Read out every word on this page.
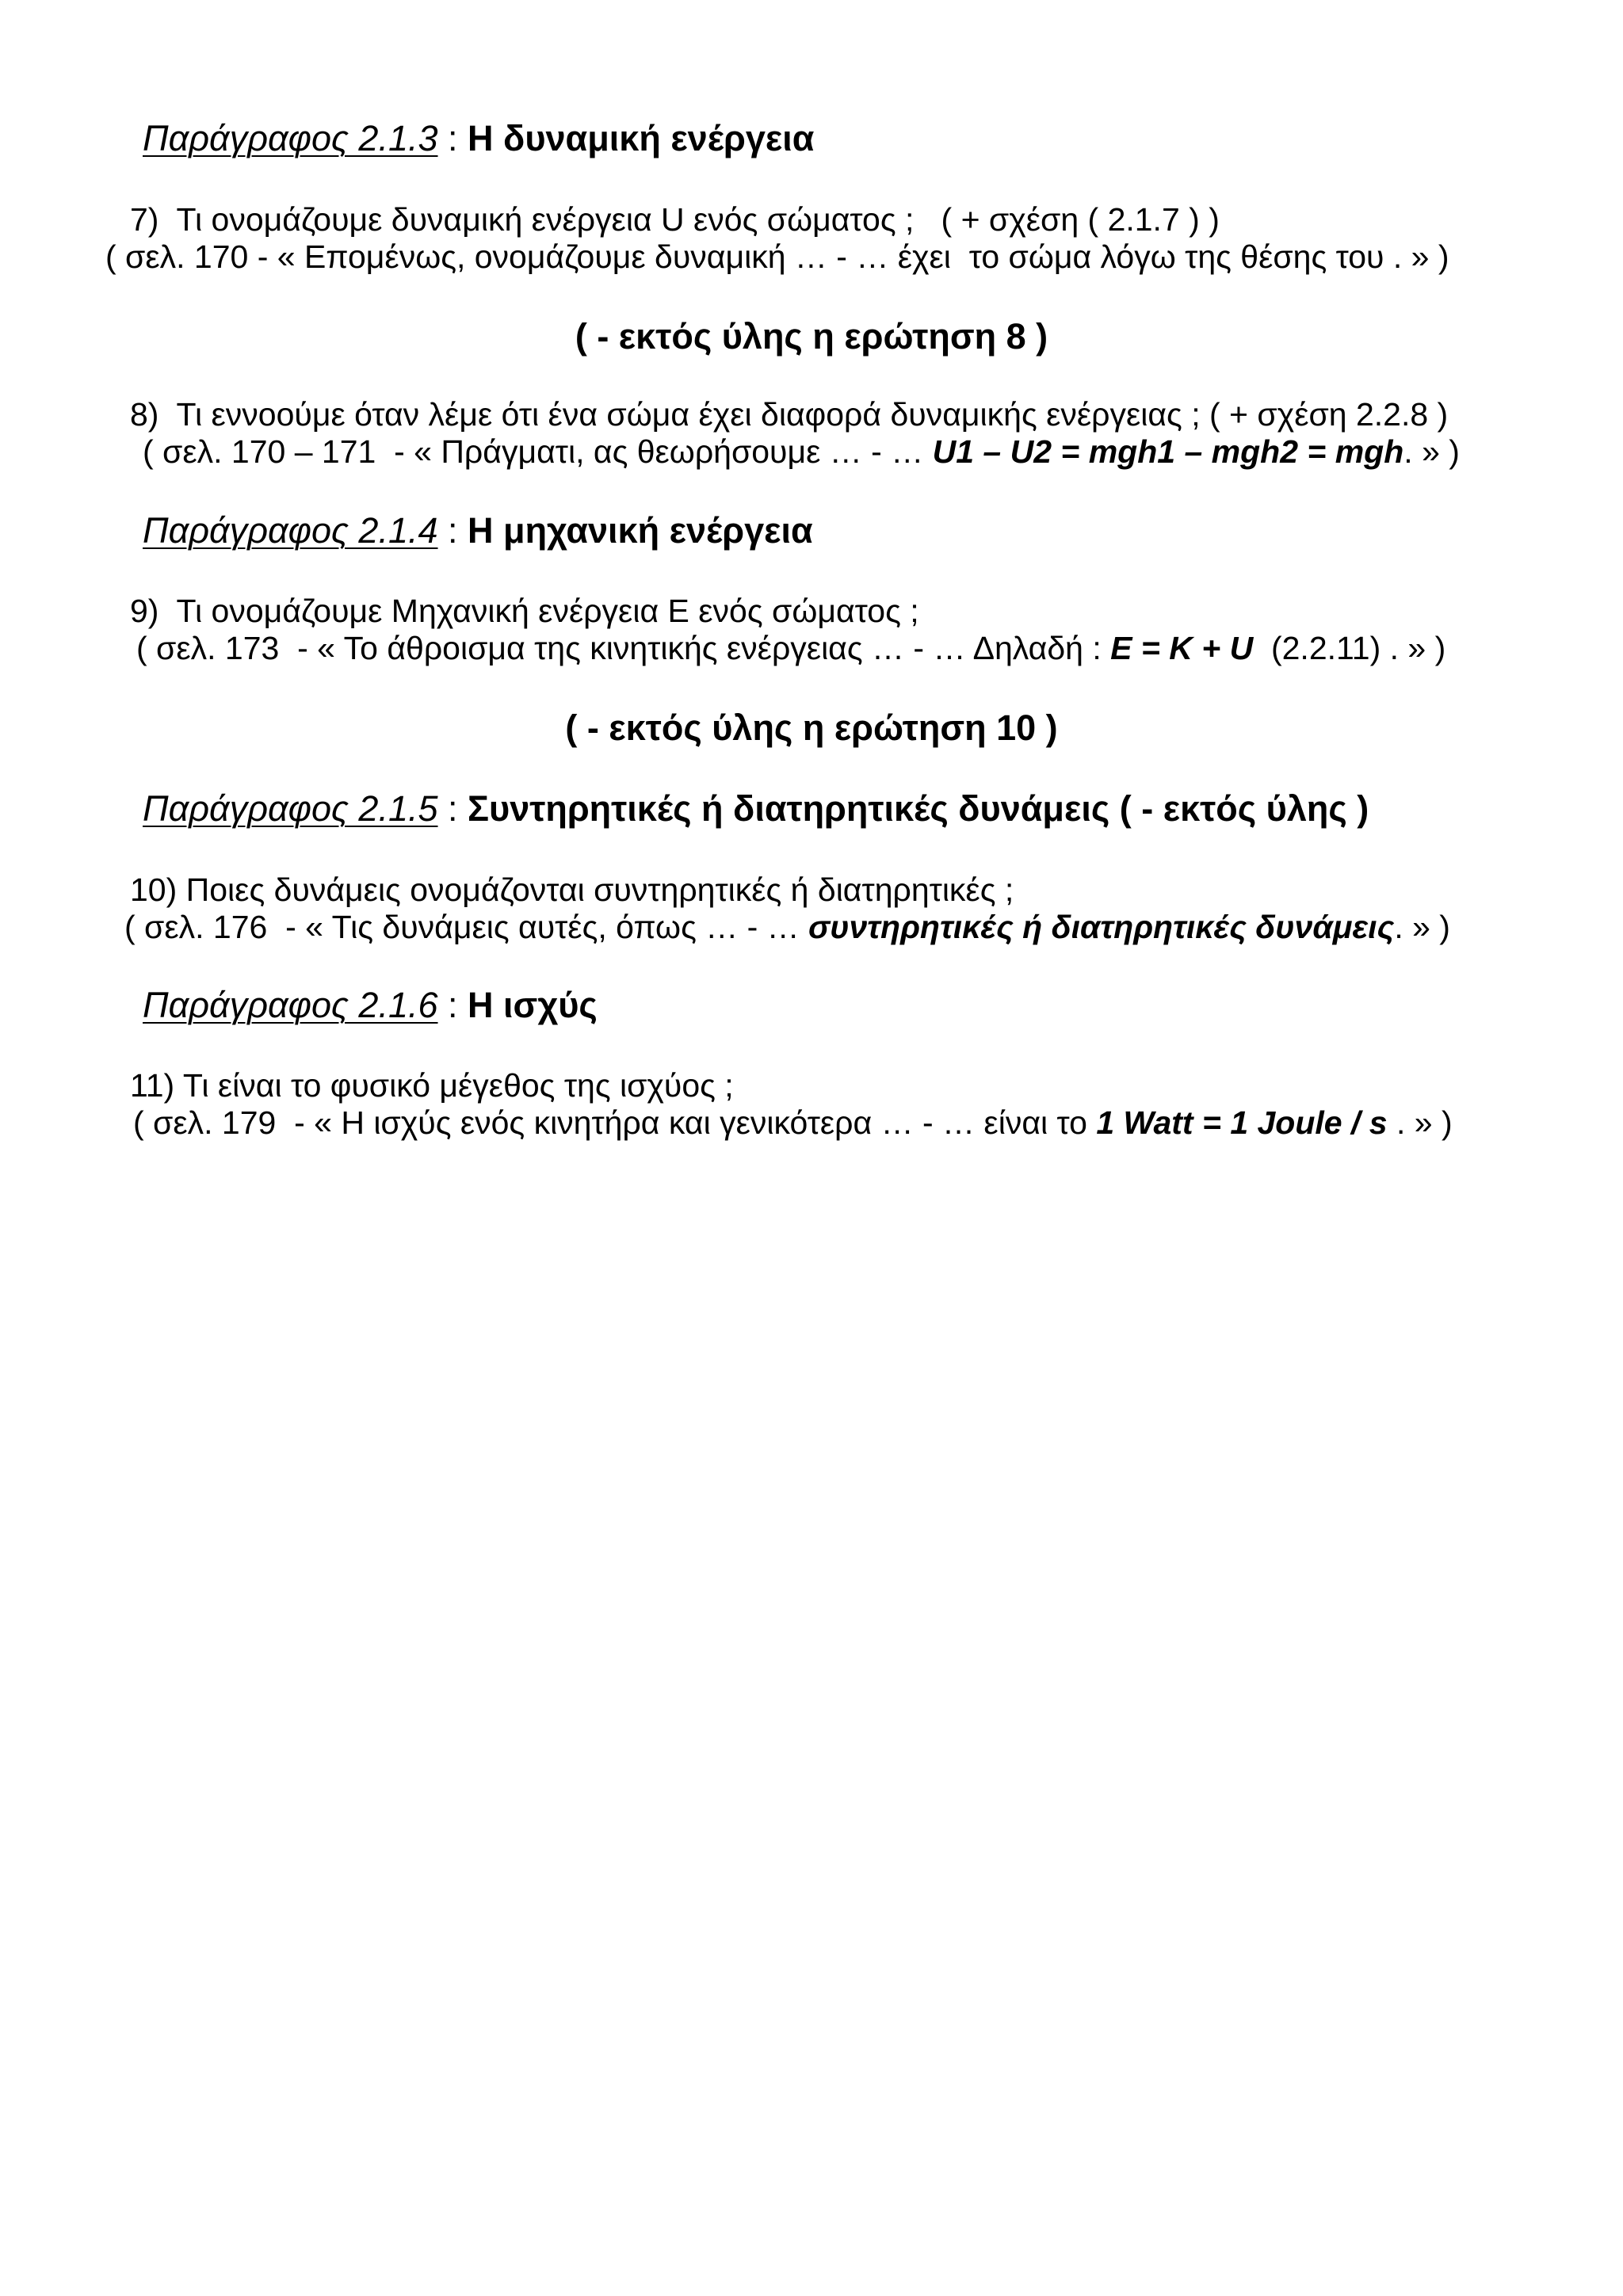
Παράγραφος 2.1.3 : Η δυναμική ενέργεια
7)  Τι ονομάζουμε δυναμική ενέργεια U ενός σώματος ;   ( + σχέση ( 2.1.7 ) )
( σελ. 170 - « Επομένως, ονομάζουμε δυναμική … - … έχει  το σώμα λόγω της θέσης του . » )
( - εκτός ύλης η ερώτηση 8 )
8)  Τι εννοούμε όταν λέμε ότι ένα σώμα έχει διαφορά δυναμικής ενέργειας ; ( + σχέση 2.2.8 )
( σελ. 170 – 171  - « Πράγματι, ας θεωρήσουμε … - … U1 – U2 = mgh1 – mgh2 = mgh. » )
Παράγραφος 2.1.4 : Η μηχανική ενέργεια
9)  Τι ονομάζουμε Μηχανική ενέργεια Ε ενός σώματος ;
( σελ. 173  - « Το άθροισμα της κινητικής ενέργειας … - … Δηλαδή : E = K + U  (2.2.11) . » )
( - εκτός ύλης η ερώτηση 10 )
Παράγραφος 2.1.5 : Συντηρητικές ή διατηρητικές δυνάμεις ( - εκτός ύλης )
10) Ποιες δυνάμεις ονομάζονται συντηρητικές ή διατηρητικές ;
( σελ. 176  - « Τις δυνάμεις αυτές, όπως … - … συντηρητικές ή διατηρητικές δυνάμεις. » )
Παράγραφος 2.1.6 : Η ισχύς
11) Τι είναι το φυσικό μέγεθος της ισχύος ;
( σελ. 179  - « Η ισχύς ενός κινητήρα και γενικότερα … - … είναι το 1 Watt = 1 Joule / s . » )
